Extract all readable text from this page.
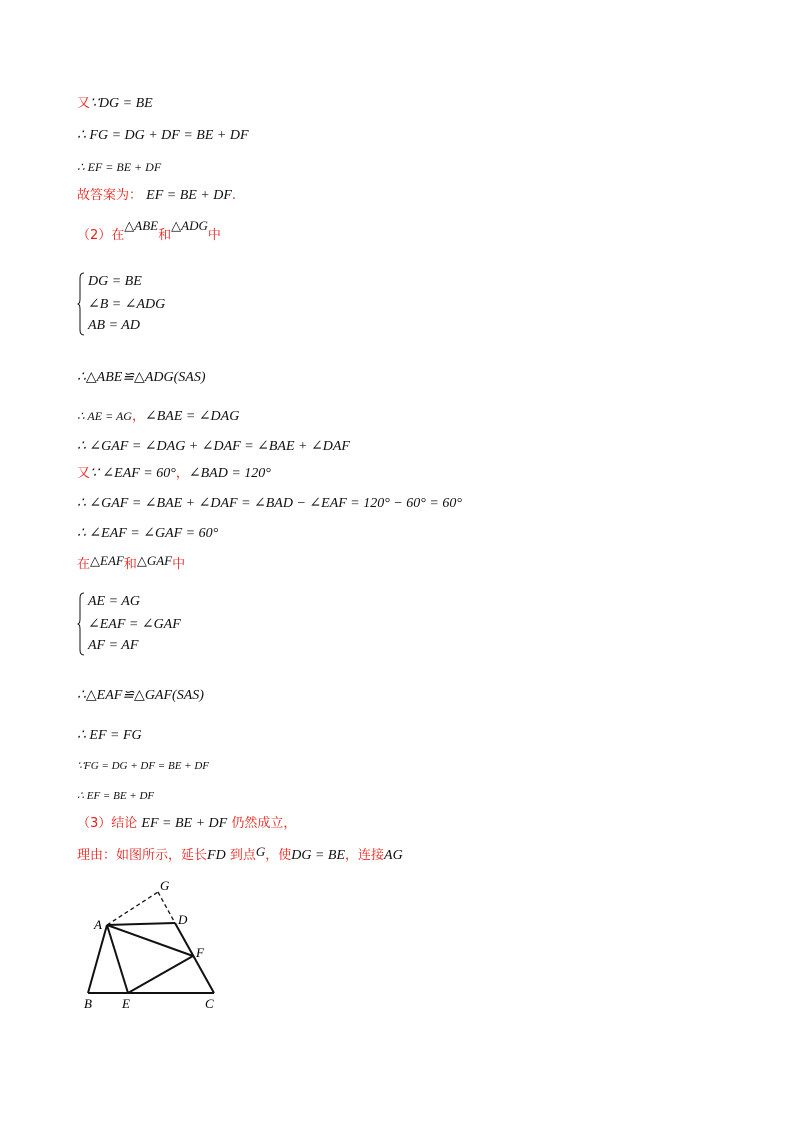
又∵DG = BE
∴ FG = DG + DF = BE + DF
∴ EF = BE + DF
故答案为： EF = BE + DF.
（2）在△ABE和△ADG中
DG = BE
∠B = ∠ADG
AB = AD
∴△ABE≌△ADG(SAS)
∴ AE = AG，∠BAE = ∠DAG
∴ ∠GAF = ∠DAG + ∠DAF = ∠BAE + ∠DAF
又∵ ∠EAF = 60°，∠BAD = 120°
∴ ∠GAF = ∠BAE + ∠DAF = ∠BAD − ∠EAF = 120° − 60° = 60°
∴ ∠EAF = ∠GAF = 60°
在△EAF和△GAF中
AE = AG
∠EAF = ∠GAF
AF = AF
∴△EAF≌△GAF(SAS)
∴ EF = FG
∵FG = DG + DF = BE + DF
∴ EF = BE + DF
（3）结论 EF = BE + DF 仍然成立，
理由：如图所示，延长FD 到点G，使DG = BE，连接AG
G
A	D
F
B E	C
